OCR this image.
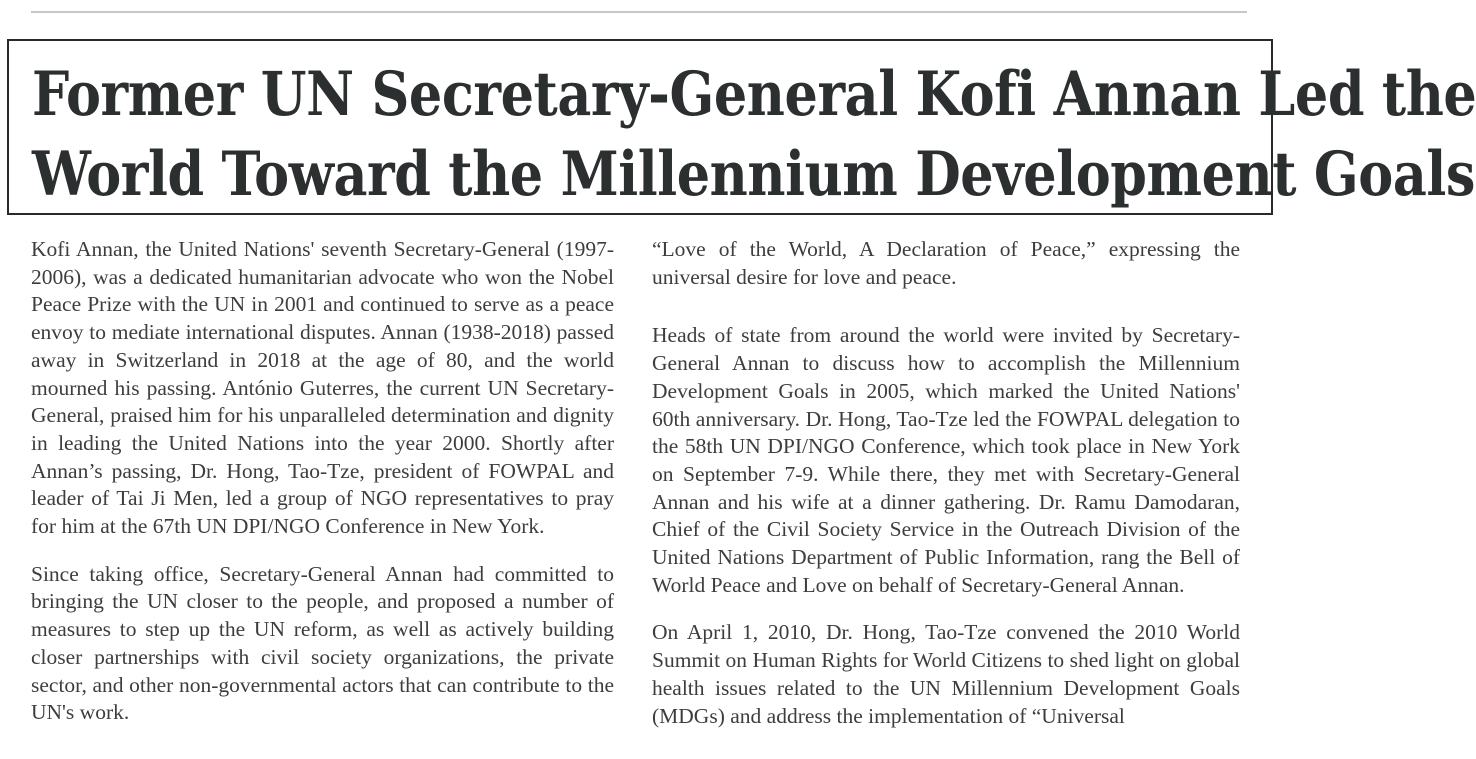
Former UN Secretary-General Kofi Annan Led the
World Toward the Millennium Development Goals

Kofi Annan, the United Nations' seventh Secretary-General (1997-2006), was a dedicated humanitarian advocate who won the Nobel Peace Prize with the UN in 2001 and continued to serve as a peace envoy to mediate international disputes. Annan (1938-2018) passed away in Switzerland in 2018 at the age of 80, and the world mourned his passing. António Guterres, the current UN Secretary-General, praised him for his unparalleled determination and dignity in leading the United Nations into the year 2000. Shortly after Annan’s passing, Dr. Hong, Tao-Tze, president of FOWPAL and leader of Tai Ji Men, led a group of NGO representatives to pray for him at the 67th UN DPI/NGO Conference in New York.

Since taking office, Secretary-General Annan had committed to bringing the UN closer to the people, and proposed a number of measures to step up the UN reform, as well as actively building closer partnerships with civil society organizations, the private sector, and other non-governmental actors that can contribute to the UN's work.

“Love of the World, A Declaration of Peace,” expressing the universal desire for love and peace.

Heads of state from around the world were invited by Secretary-General Annan to discuss how to accomplish the Millennium Development Goals in 2005, which marked the United Nations' 60th anniversary. Dr. Hong, Tao-Tze led the FOWPAL delegation to the 58th UN DPI/NGO Conference, which took place in New York on September 7-9. While there, they met with Secretary-General Annan and his wife at a dinner gathering. Dr. Ramu Damodaran, Chief of the Civil Society Service in the Outreach Division of the United Nations Department of Public Information, rang the Bell of World Peace and Love on behalf of Secretary-General Annan.

On April 1, 2010, Dr. Hong, Tao-Tze convened the 2010 World Summit on Human Rights for World Citizens to shed light on global health issues related to the UN Millennium Development Goals (MDGs) and address the implementation of “Universal
